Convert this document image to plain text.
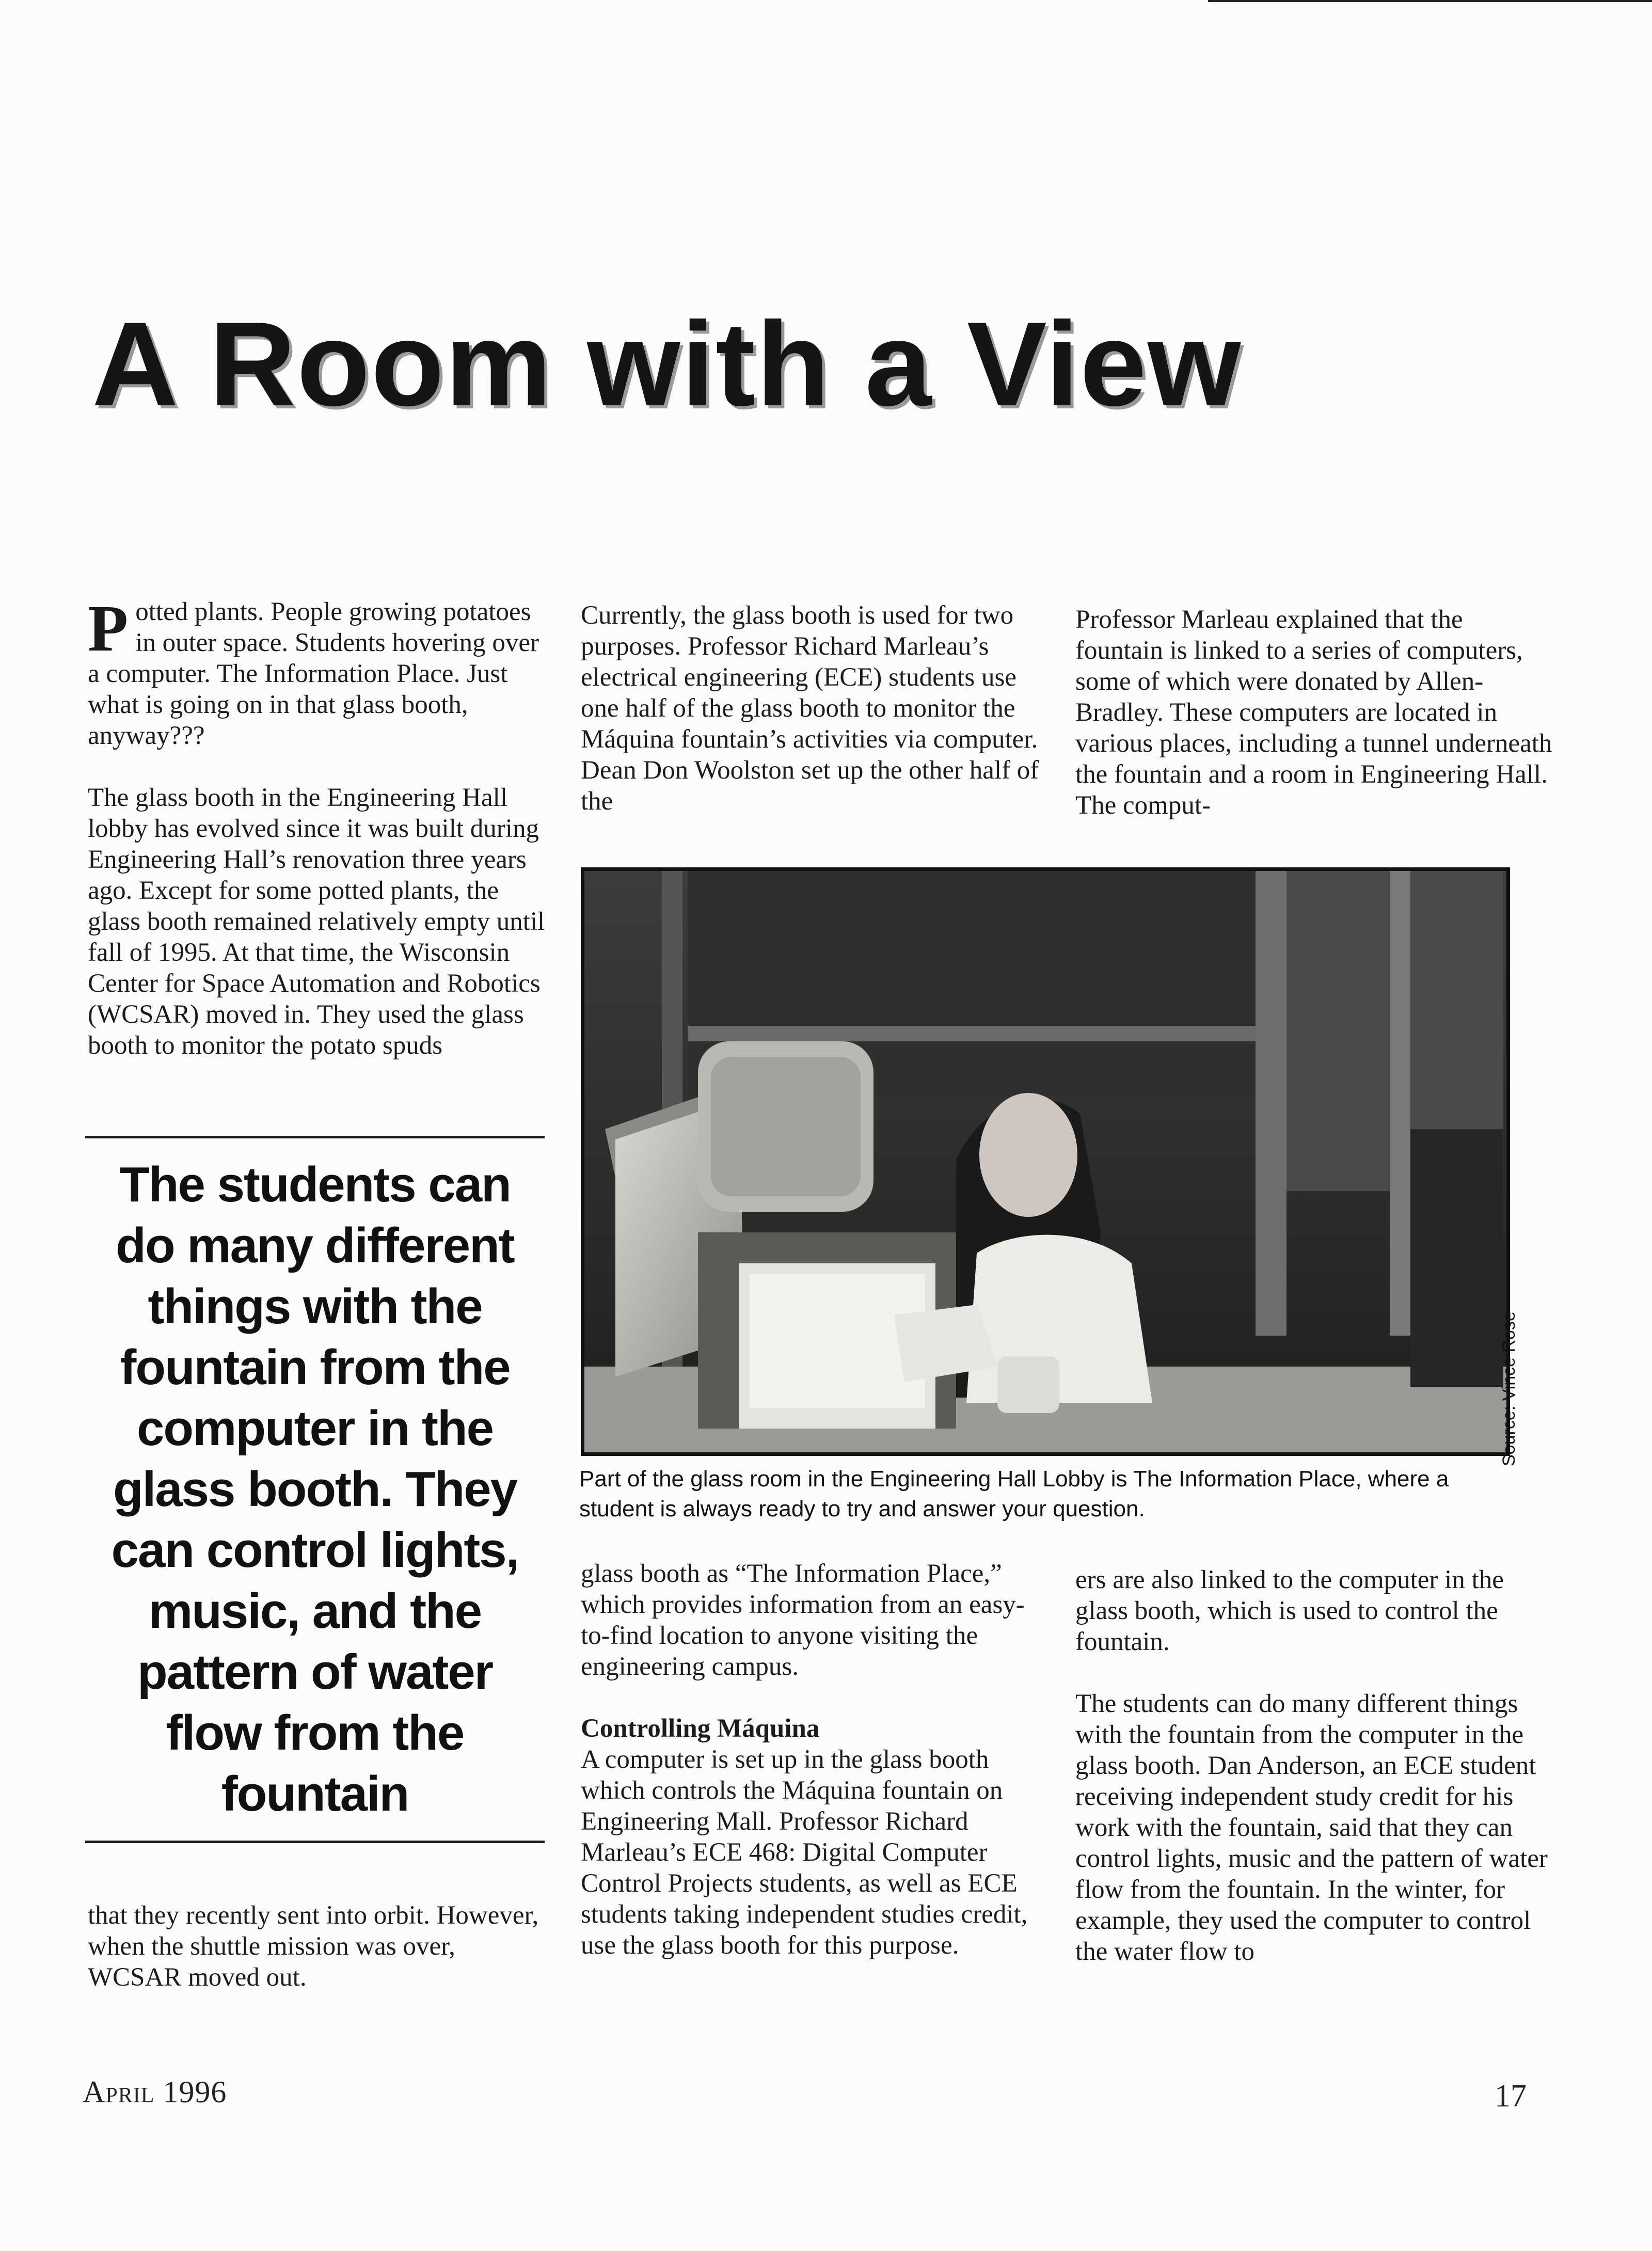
A Room with a View

Potted plants. People growing potatoes in outer space. Students hovering over a computer. The Information Place. Just what is going on in that glass booth, anyway???

The glass booth in the Engineering Hall lobby has evolved since it was built during Engineering Hall’s renovation three years ago. Except for some potted plants, the glass booth remained relatively empty until fall of 1995. At that time, the Wisconsin Center for Space Automation and Robotics (WCSAR) moved in. They used the glass booth to monitor the potato spuds

The students can do many different things with the fountain from the computer in the glass booth. They can control lights, music, and the pattern of water flow from the fountain

that they recently sent into orbit. However, when the shuttle mission was over, WCSAR moved out.

Currently, the glass booth is used for two purposes. Professor Richard Marleau’s electrical engineering (ECE) students use one half of the glass booth to monitor the Máquina fountain’s activities via computer. Dean Don Woolston set up the other half of the

Professor Marleau explained that the fountain is linked to a series of computers, some of which were donated by Allen-Bradley. These computers are located in various places, including a tunnel underneath the fountain and a room in Engineering Hall. The comput-

Source: Vince Rose

Part of the glass room in the Engineering Hall Lobby is The Information Place, where a student is always ready to try and answer your question.

glass booth as “The Information Place,” which provides information from an easy-to-find location to anyone visiting the engineering campus.

Controlling Máquina
A computer is set up in the glass booth which controls the Máquina fountain on Engineering Mall. Professor Richard Marleau’s ECE 468: Digital Computer Control Projects students, as well as ECE students taking independent studies credit, use the glass booth for this purpose.

ers are also linked to the computer in the glass booth, which is used to control the fountain.

The students can do many different things with the fountain from the computer in the glass booth. Dan Anderson, an ECE student receiving independent study credit for his work with the fountain, said that they can control lights, music and the pattern of water flow from the fountain. In the winter, for example, they used the computer to control the water flow to

April 1996	17
